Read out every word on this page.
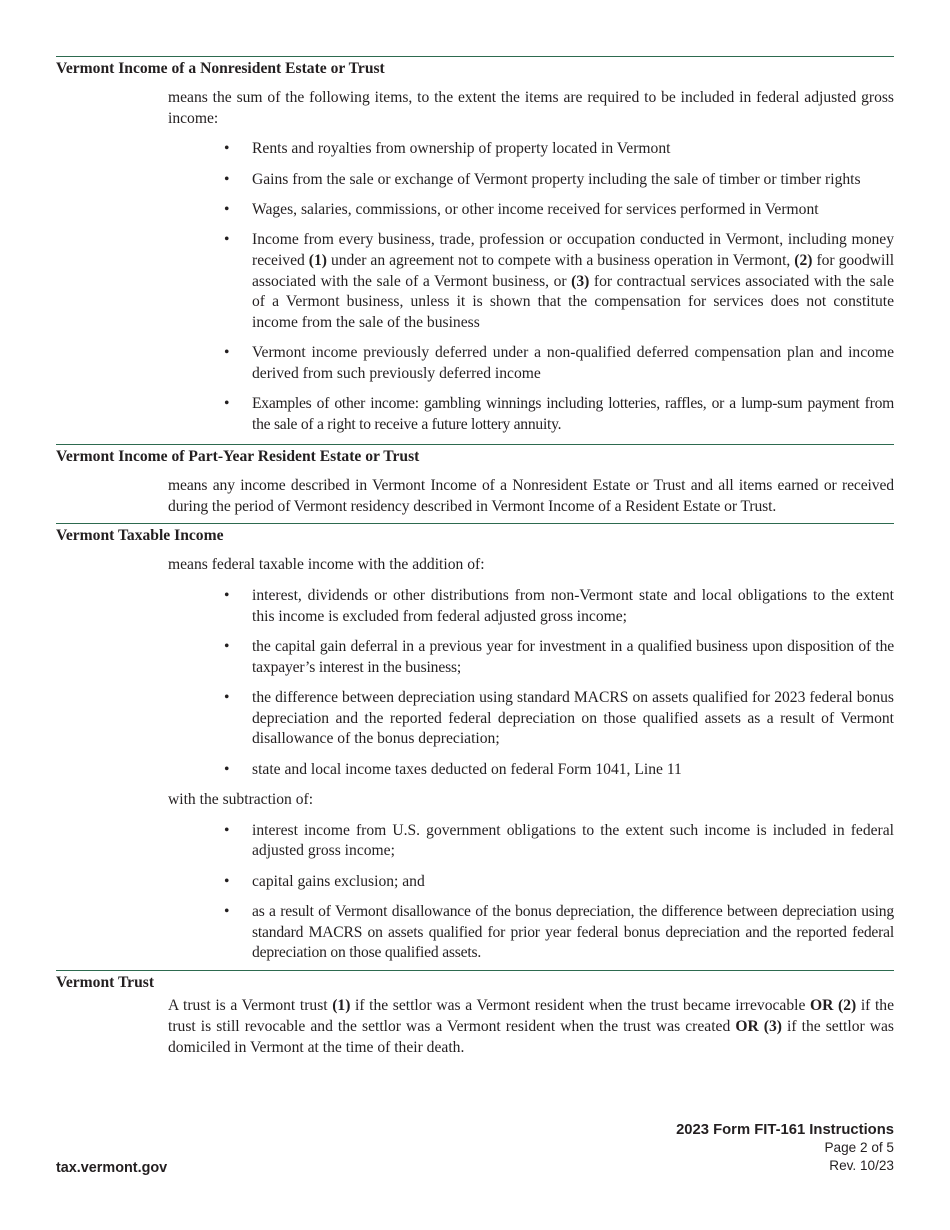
Vermont Income of a Nonresident Estate or Trust

means the sum of the following items, to the extent the items are required to be included in federal adjusted gross income:

• Rents and royalties from ownership of property located in Vermont
• Gains from the sale or exchange of Vermont property including the sale of timber or timber rights
• Wages, salaries, commissions, or other income received for services performed in Vermont
• Income from every business, trade, profession or occupation conducted in Vermont, including money received (1) under an agreement not to compete with a business operation in Vermont, (2) for goodwill associated with the sale of a Vermont business, or (3) for contractual services associated with the sale of a Vermont business, unless it is shown that the compensation for services does not constitute income from the sale of the business
• Vermont income previously deferred under a non-qualified deferred compensation plan and income derived from such previously deferred income
• Examples of other income: gambling winnings including lotteries, raffles, or a lump-sum payment from the sale of a right to receive a future lottery annuity.
Vermont Income of Part-Year Resident Estate or Trust

means any income described in Vermont Income of a Nonresident Estate or Trust and all items earned or received during the period of Vermont residency described in Vermont Income of a Resident Estate or Trust.

Vermont Taxable Income

means federal taxable income with the addition of:

• interest, dividends or other distributions from non-Vermont state and local obligations to the extent this income is excluded from federal adjusted gross income;
• the capital gain deferral in a previous year for investment in a qualified business upon disposition of the taxpayer’s interest in the business;
• the difference between depreciation using standard MACRS on assets qualified for 2023 federal bonus depreciation and the reported federal depreciation on those qualified assets as a result of Vermont disallowance of the bonus depreciation;
• state and local income taxes deducted on federal Form 1041, Line 11

with the subtraction of:

• interest income from U.S. government obligations to the extent such income is included in federal adjusted gross income;
• capital gains exclusion; and
• as a result of Vermont disallowance of the bonus depreciation, the difference between depreciation using standard MACRS on assets qualified for prior year federal bonus depreciation and the reported federal depreciation on those qualified assets.
Vermont Trust

A trust is a Vermont trust (1) if the settlor was a Vermont resident when the trust became irrevocable OR (2) if the trust is still revocable and the settlor was a Vermont resident when the trust was created OR (3) if the settlor was domiciled in Vermont at the time of their death.

2023 Form FIT-161 Instructions
Page 2 of 5
Rev. 10/23
tax.vermont.gov
